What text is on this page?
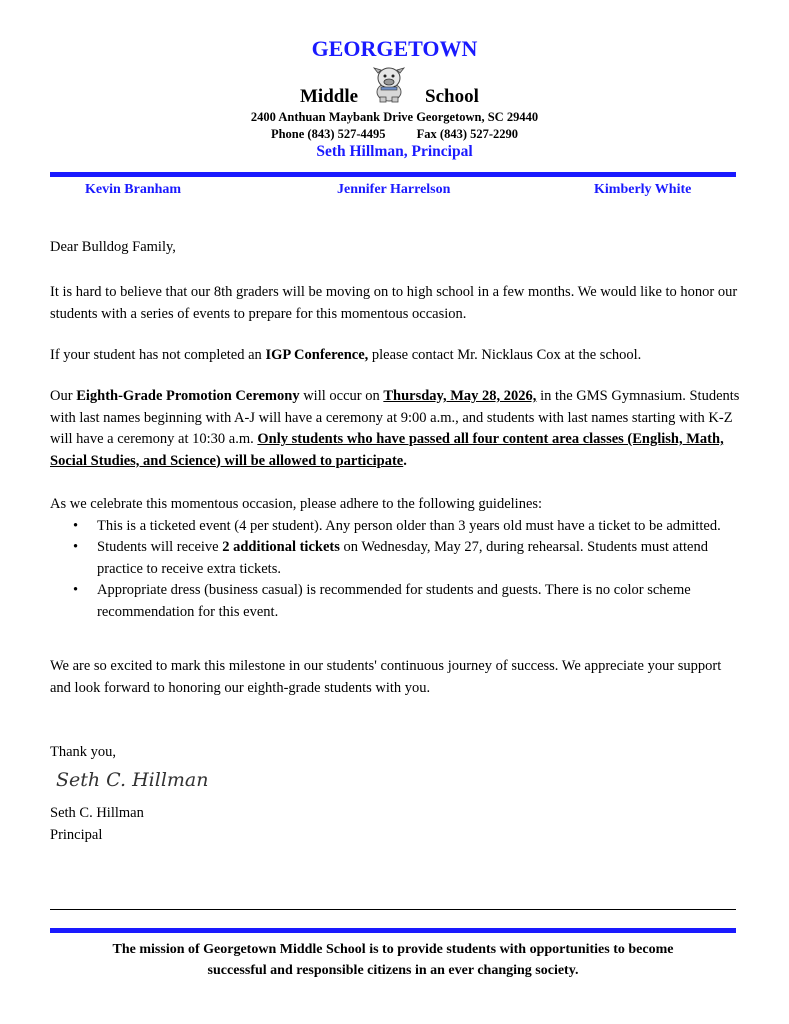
GEORGETOWN
Middle	School
2400 Anthuan Maybank Drive Georgetown, SC 29440
Phone (843) 527-4495 Fax (843) 527-2290
Seth Hillman, Principal
Kevin Branham	Jennifer Harrelson	Kimberly White
Dear Bulldog Family,

It is hard to believe that our 8th graders will be moving on to high school in a few months. We would like to honor our students with a series of events to prepare for this momentous occasion.

If your student has not completed an IGP Conference, please contact Mr. Nicklaus Cox at the school.

Our Eighth-Grade Promotion Ceremony will occur on Thursday, May 28, 2026, in the GMS Gymnasium. Students with last names beginning with A-J will have a ceremony at 9:00 a.m., and students with last names starting with K-Z will have a ceremony at 10:30 a.m. Only students who have passed all four content area classes (English, Math, Social Studies, and Science) will be allowed to participate.

As we celebrate this momentous occasion, please adhere to the following guidelines:

• This is a ticketed event (4 per student). Any person older than 3 years old must have a ticket to be admitted.
• Students will receive 2 additional tickets on Wednesday, May 27, during rehearsal. Students must attend practice to receive extra tickets.
• Appropriate dress (business casual) is recommended for students and guests. There is no color scheme recommendation for this event.

We are so excited to mark this milestone in our students' continuous journey of success. We appreciate your support and look forward to honoring our eighth-grade students with you.

Thank you,
Seth C. Hillman
Seth C. Hillman
Principal
The mission of Georgetown Middle School is to provide students with opportunities to become
successful and responsible citizens in an ever changing society.
